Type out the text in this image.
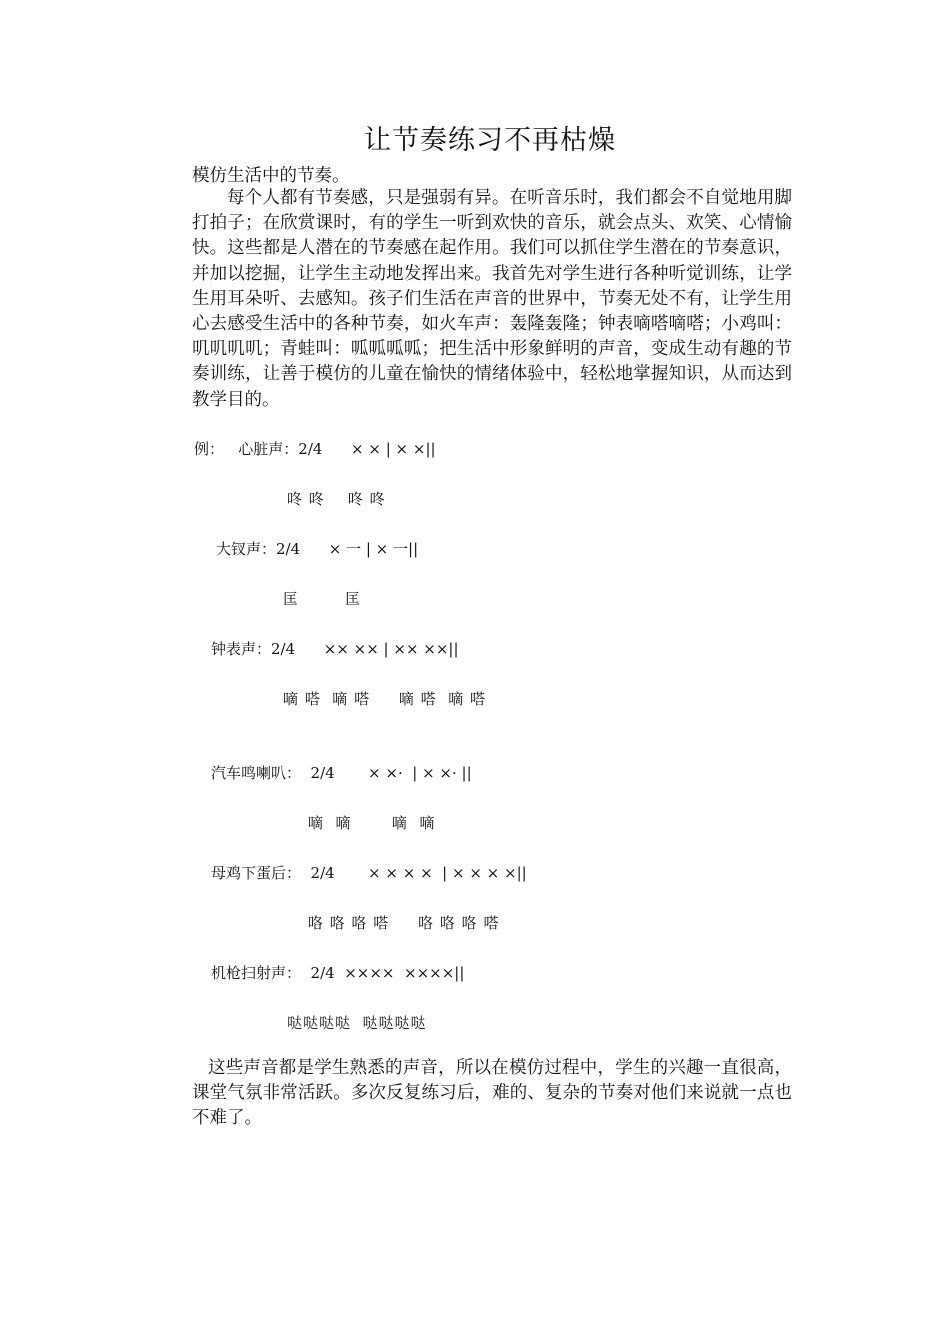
让节奏练习不再枯燥
模仿生活中的节奏。

每个人都有节奏感，只是强弱有异。在听音乐时，我们都会不自觉地用脚打拍子；在欣赏课时，有的学生一听到欢快的音乐，就会点头、欢笑、心情愉快。这些都是人潜在的节奏感在起作用。我们可以抓住学生潜在的节奏意识，并加以挖掘，让学生主动地发挥出来。我首先对学生进行各种听觉训练，让学生用耳朵听、去感知。孩子们生活在声音的世界中，节奏无处不有，让学生用心去感受生活中的各种节奏，如火车声：轰隆轰隆；钟表嘀嗒嘀嗒；小鸡叫：叽叽叽叽；青蛙叫：呱呱呱呱；把生活中形象鲜明的声音，变成生动有趣的节奏训练，让善于模仿的儿童在愉快的情绪体验中，轻松地掌握知识，从而达到教学目的。

例：   心脏声：2/4      × × | × ×||
咚 咚    咚 咚
大钗声：2/4      × 一 | × 一||
匡        匡
钟表声：2/4      ×× ×× | ×× ××||
嘀 嗒  嘀 嗒     嘀 嗒  嘀 嗒
汽车鸣喇叭：  2/4       × ×·  | × ×· ||
嘀  嘀       嘀  嘀
母鸡下蛋后：  2/4       × × × ×  | × × × ×||
咯 咯 咯 嗒     咯 咯 咯 嗒
机枪扫射声：  2/4  ××××  ××××||
哒哒哒哒  哒哒哒哒

这些声音都是学生熟悉的声音，所以在模仿过程中，学生的兴趣一直很高，课堂气氛非常活跃。多次反复练习后，难的、复杂的节奏对他们来说就一点也不难了。
